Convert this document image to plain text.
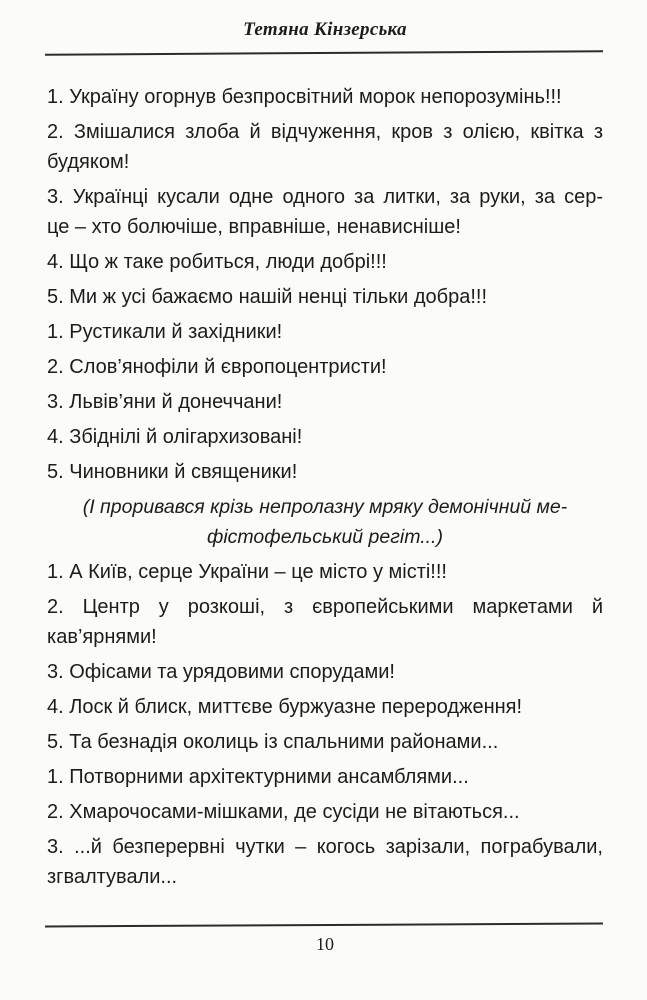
Тетяна Кінзерська
1. Україну огорнув безпросвітний морок непорозумінь!!!
2. Змішалися злоба й відчуження, кров з олією, квітка з
будяком!
3. Українці кусали одне одного за литки, за руки, за сер-
це – хто болючіше, вправніше, ненависніше!
4. Що ж таке робиться, люди добрі!!!
5. Ми ж усі бажаємо нашій ненці тільки добра!!!
1. Рустикали й західники!
2. Слов’янофіли й європоцентристи!
3. Львів’яни й донеччани!
4. Збіднілі й олігархизовані!
5. Чиновники й священики!
(І проривався крізь непролазну мряку демонічний ме-
фістофельський регіт...)
1. А Київ, серце України – це місто у місті!!!
2. Центр у розкоші, з європейськими маркетами й
кав’ярнями!
3. Офісами та урядовими спорудами!
4. Лоск й блиск, миттєве буржуазне переродження!
5. Та безнадія околиць із спальними районами...
1. Потворними архітектурними ансамблями...
2. Хмарочосами-мішками, де сусіди не вітаються...
3. ...й безперервні чутки – когось зарізали, пограбували,
згвалтували...
10
